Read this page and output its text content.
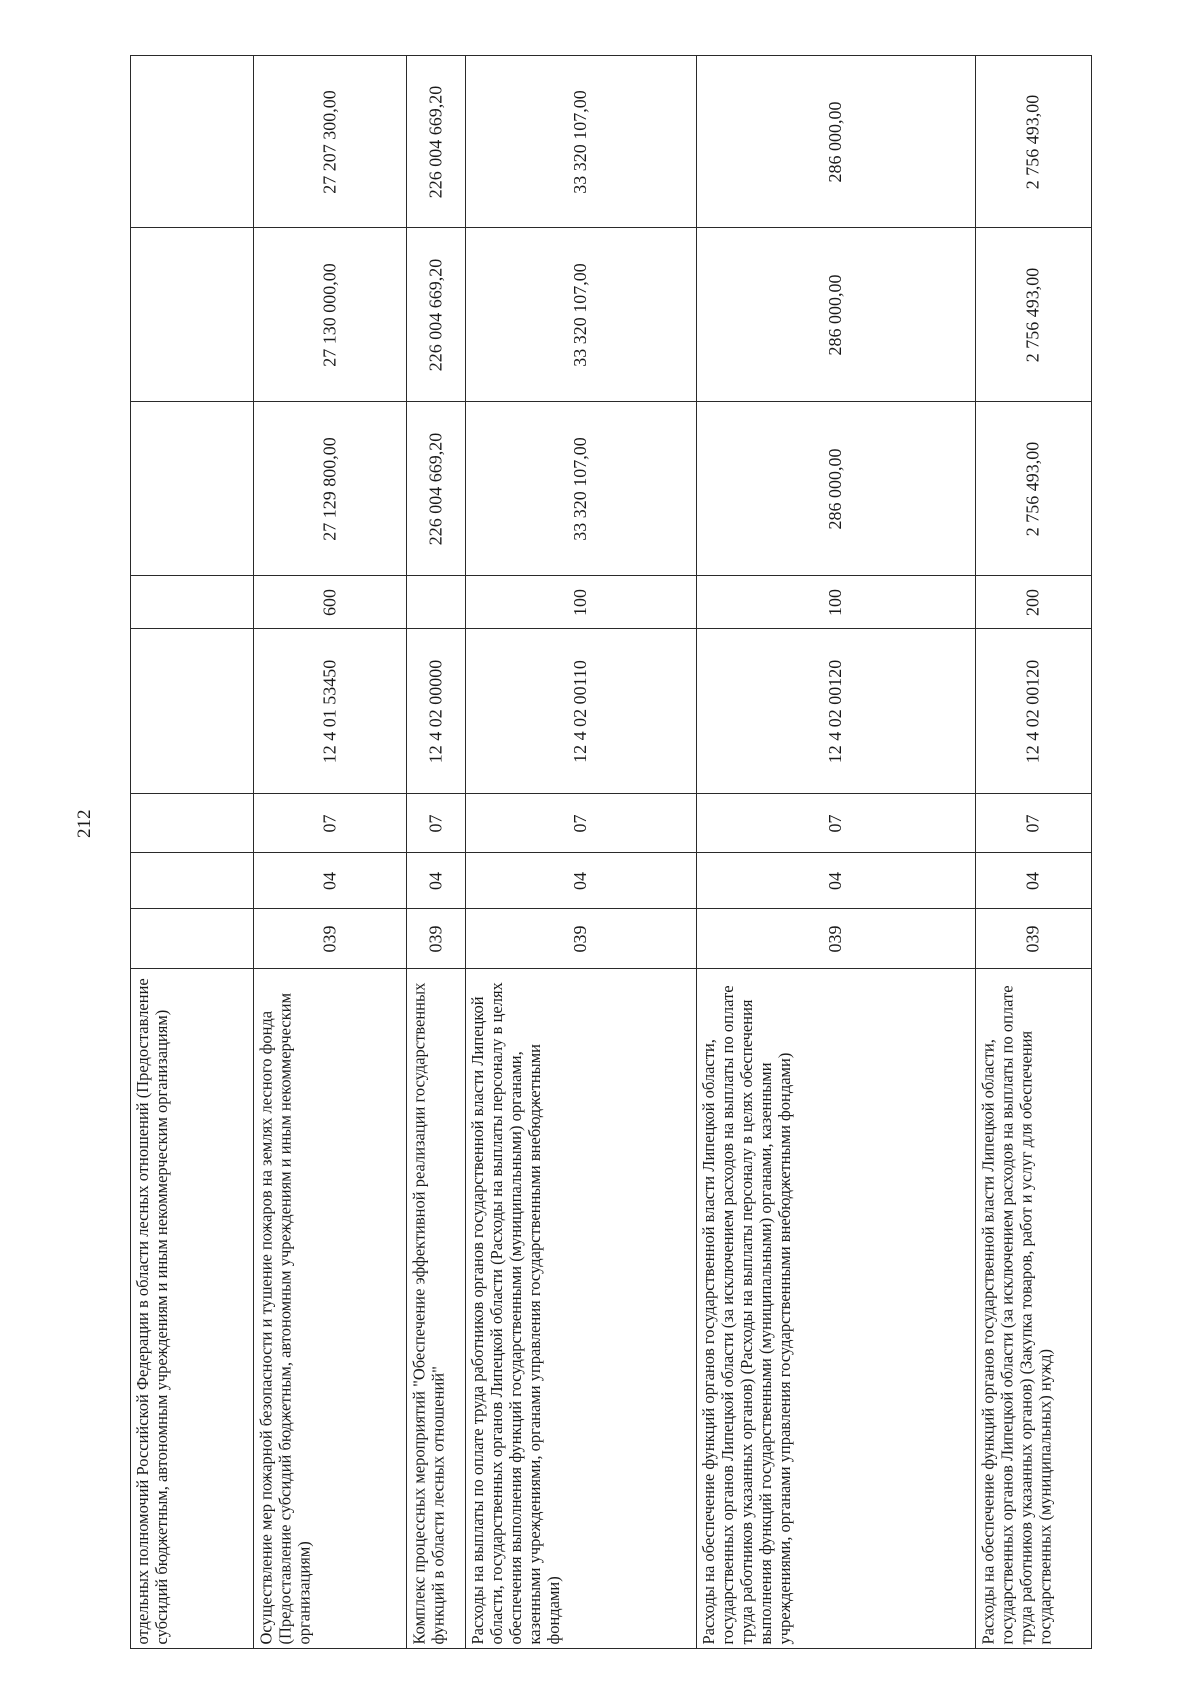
212
2 756 493,00	2 756 493,00	2 756 493,00	200	12 4 02 00120	07	04	039	Расходы на обеспечение функций органов государственной власти Липецкой области, государственных органов Липецкой области (за исключением расходов на выплаты по оплате труда работников указанных органов) (Закупка товаров, работ и услуг для обеспечения государственных (муниципальных) нужд)
286 000,00	286 000,00	286 000,00	100	12 4 02 00120	07	04	039	Расходы на обеспечение функций органов государственной власти Липецкой области, государственных органов Липецкой области (за исключением расходов на выплаты по оплате труда работников указанных органов) (Расходы на выплаты персоналу в целях обеспечения выполнения функций государственными (муниципальными) органами, казенными учреждениями, органами управления государственными внебюджетными фондами)
33 320 107,00	33 320 107,00	33 320 107,00	100	12 4 02 00110	07	04	039	Расходы на выплаты по оплате труда работников органов государственной власти Липецкой области, государственных органов Липецкой области (Расходы на выплаты персоналу в целях обеспечения выполнения функций государственными (муниципальными) органами, казенными учреждениями, органами управления государственными внебюджетными фондами)
226 004 669,20	226 004 669,20	226 004 669,20		12 4 02 00000	07	04	039	Комплекс процессных мероприятий "Обеспечение эффективной реализации государственных функций в области лесных отношений"
27 207 300,00	27 130 000,00	27 129 800,00	600	12 4 01 53450	07	04	039	Осуществление мер пожарной безопасности и тушение пожаров на землях лесного фонда (Предоставление субсидий бюджетным, автономным учреждениям и иным некоммерческим организациям)
								отдельных полномочий Российской Федерации в области лесных отношений (Предоставление субсидий бюджетным, автономным учреждениям и иным некоммерческим организациям)
